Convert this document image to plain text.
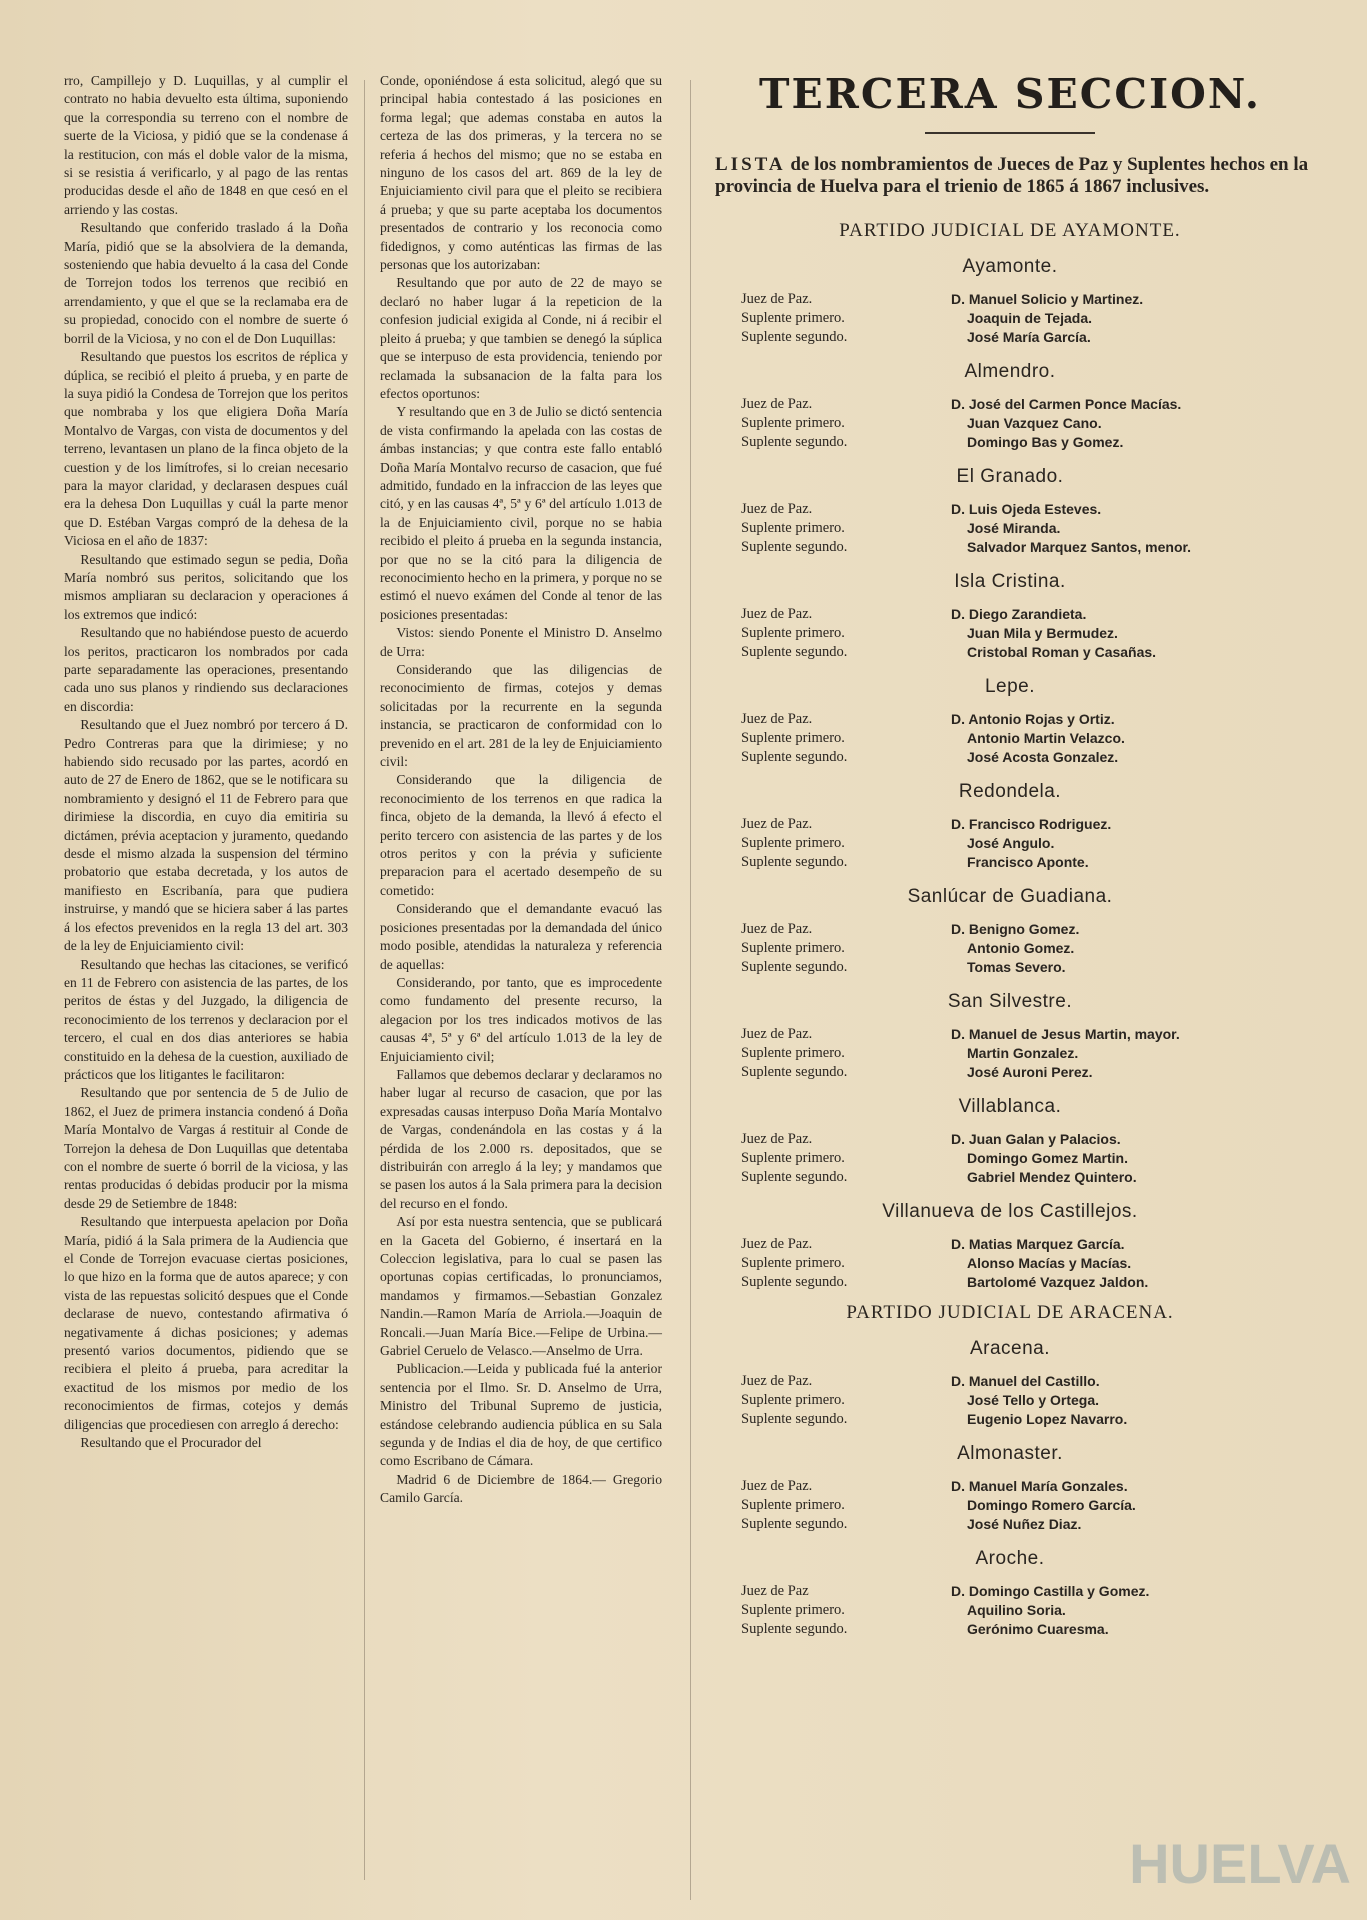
rro, Campillejo y D. Luquillas, y al cumplir el contrato no habia devuelto esta última, suponiendo que la correspondia su terreno con el nombre de suerte de la Viciosa, y pidió que se la condenase á la restitucion, con más el doble valor de la misma, si se resistia á verificarlo, y al pago de las rentas producidas desde el año de 1848 en que cesó en el arriendo y las costas.

Resultando que conferido traslado á la Doña María, pidió que se la absolviera de la demanda, sosteniendo que habia devuelto á la casa del Conde de Torrejon todos los terrenos que recibió en arrendamiento, y que el que se la reclamaba era de su propiedad, conocido con el nombre de suerte ó borril de la Viciosa, y no con el de Don Luquillas:

Resultando que puestos los escritos de réplica y dúplica, se recibió el pleito á prueba, y en parte de la suya pidió la Condesa de Torrejon que los peritos que nombraba y los que eligiera Doña María Montalvo de Vargas, con vista de documentos y del terreno, levantasen un plano de la finca objeto de la cuestion y de los limítrofes, si lo creian necesario para la mayor claridad, y declarasen despues cuál era la dehesa Don Luquillas y cuál la parte menor que D. Estéban Vargas compró de la dehesa de la Viciosa en el año de 1837:

Resultando que estimado segun se pedia, Doña María nombró sus peritos, solicitando que los mismos ampliaran su declaracion y operaciones á los extremos que indicó:

Resultando que no habiéndose puesto de acuerdo los peritos, practicaron los nombrados por cada parte separadamente las operaciones, presentando cada uno sus planos y rindiendo sus declaraciones en discordia:

Resultando que el Juez nombró por tercero á D. Pedro Contreras para que la dirimiese; y no habiendo sido recusado por las partes, acordó en auto de 27 de Enero de 1862, que se le notificara su nombramiento y designó el 11 de Febrero para que dirimiese la discordia, en cuyo dia emitiria su dictámen, prévia aceptacion y juramento, quedando desde el mismo alzada la suspension del término probatorio que estaba decretada, y los autos de manifiesto en Escribanía, para que pudiera instruirse, y mandó que se hiciera saber á las partes á los efectos prevenidos en la regla 13 del art. 303 de la ley de Enjuiciamiento civil:

Resultando que hechas las citaciones, se verificó en 11 de Febrero con asistencia de las partes, de los peritos de éstas y del Juzgado, la diligencia de reconocimiento de los terrenos y declaracion por el tercero, el cual en dos dias anteriores se habia constituido en la dehesa de la cuestion, auxiliado de prácticos que los litigantes le facilitaron:

Resultando que por sentencia de 5 de Julio de 1862, el Juez de primera instancia condenó á Doña María Montalvo de Vargas á restituir al Conde de Torrejon la dehesa de Don Luquillas que detentaba con el nombre de suerte ó borril de la viciosa, y las rentas producidas ó debidas producir por la misma desde 29 de Setiembre de 1848:

Resultando que interpuesta apelacion por Doña María, pidió á la Sala primera de la Audiencia que el Conde de Torrejon evacuase ciertas posiciones, lo que hizo en la forma que de autos aparece; y con vista de las repuestas solicitó despues que el Conde declarase de nuevo, contestando afirmativa ó negativamente á dichas posiciones; y ademas presentó varios documentos, pidiendo que se recibiera el pleito á prueba, para acreditar la exactitud de los mismos por medio de los reconocimientos de firmas, cotejos y demás diligencias que procediesen con arreglo á derecho:

Resultando que el Procurador del

Conde, oponiéndose á esta solicitud, alegó que su principal habia contestado á las posiciones en forma legal; que ademas constaba en autos la certeza de las dos primeras, y la tercera no se referia á hechos del mismo; que no se estaba en ninguno de los casos del art. 869 de la ley de Enjuiciamiento civil para que el pleito se recibiera á prueba; y que su parte aceptaba los documentos presentados de contrario y los reconocia como fidedignos, y como auténticas las firmas de las personas que los autorizaban:

Resultando que por auto de 22 de mayo se declaró no haber lugar á la repeticion de la confesion judicial exigida al Conde, ni á recibir el pleito á prueba; y que tambien se denegó la súplica que se interpuso de esta providencia, teniendo por reclamada la subsanacion de la falta para los efectos oportunos:

Y resultando que en 3 de Julio se dictó sentencia de vista confirmando la apelada con las costas de ámbas instancias; y que contra este fallo entabló Doña María Montalvo recurso de casacion, que fué admitido, fundado en la infraccion de las leyes que citó, y en las causas 4ª, 5ª y 6ª del artículo 1.013 de la de Enjuiciamiento civil, porque no se habia recibido el pleito á prueba en la segunda instancia, por que no se la citó para la diligencia de reconocimiento hecho en la primera, y porque no se estimó el nuevo exámen del Conde al tenor de las posiciones presentadas:

Vistos: siendo Ponente el Ministro D. Anselmo de Urra:

Considerando que las diligencias de reconocimiento de firmas, cotejos y demas solicitadas por la recurrente en la segunda instancia, se practicaron de conformidad con lo prevenido en el art. 281 de la ley de Enjuiciamiento civil:

Considerando que la diligencia de reconocimiento de los terrenos en que radica la finca, objeto de la demanda, la llevó á efecto el perito tercero con asistencia de las partes y de los otros peritos y con la prévia y suficiente preparacion para el acertado desempeño de su cometido:

Considerando que el demandante evacuó las posiciones presentadas por la demandada del único modo posible, atendidas la naturaleza y referencia de aquellas:

Considerando, por tanto, que es improcedente como fundamento del presente recurso, la alegacion por los tres indicados motivos de las causas 4ª, 5ª y 6ª del artículo 1.013 de la ley de Enjuiciamiento civil;

Fallamos que debemos declarar y declaramos no haber lugar al recurso de casacion, que por las expresadas causas interpuso Doña María Montalvo de Vargas, condenándola en las costas y á la pérdida de los 2.000 rs. depositados, que se distribuirán con arreglo á la ley; y mandamos que se pasen los autos á la Sala primera para la decision del recurso en el fondo.

Así por esta nuestra sentencia, que se publicará en la Gaceta del Gobierno, é insertará en la Coleccion legislativa, para lo cual se pasen las oportunas copias certificadas, lo pronunciamos, mandamos y firmamos.—Sebastian Gonzalez Nandin.—Ramon María de Arriola.—Joaquin de Roncali.—Juan María Bice.—Felipe de Urbina.—Gabriel Ceruelo de Velasco.—Anselmo de Urra.

Publicacion.—Leida y publicada fué la anterior sentencia por el Ilmo. Sr. D. Anselmo de Urra, Ministro del Tribunal Supremo de justicia, estándose celebrando audiencia pública en su Sala segunda y de Indias el dia de hoy, de que certifico como Escribano de Cámara.

Madrid 6 de Diciembre de 1864.— Gregorio Camilo García.

TERCERA SECCION.

LISTA de los nombramientos de Jueces de Paz y Suplentes hechos en la provincia de Huelva para el trienio de 1865 á 1867 inclusives.

PARTIDO JUDICIAL DE AYAMONTE.
Ayamonte.
Juez de Paz.
Suplente primero.
Suplente segundo.
D. Manuel Solicio y Martinez.
Joaquin de Tejada.
José María García.
Almendro.
Juez de Paz.
Suplente primero.
Suplente segundo.
D. José del Carmen Ponce Macías.
Juan Vazquez Cano.
Domingo Bas y Gomez.
El Granado.
Juez de Paz.
Suplente primero.
Suplente segundo.
D. Luis Ojeda Esteves.
José Miranda.
Salvador Marquez Santos, menor.
Isla Cristina.
Juez de Paz.
Suplente primero.
Suplente segundo.
D. Diego Zarandieta.
Juan Mila y Bermudez.
Cristobal Roman y Casañas.
Lepe.
Juez de Paz.
Suplente primero.
Suplente segundo.
D. Antonio Rojas y Ortiz.
Antonio Martin Velazco.
José Acosta Gonzalez.
Redondela.
Juez de Paz.
Suplente primero.
Suplente segundo.
D. Francisco Rodriguez.
José Angulo.
Francisco Aponte.
Sanlúcar de Guadiana.
Juez de Paz.
Suplente primero.
Suplente segundo.
D. Benigno Gomez.
Antonio Gomez.
Tomas Severo.
San Silvestre.
Juez de Paz.
Suplente primero.
Suplente segundo.
D. Manuel de Jesus Martin, mayor.
Martin Gonzalez.
José Auroni Perez.
Villablanca.
Juez de Paz.
Suplente primero.
Suplente segundo.
D. Juan Galan y Palacios.
Domingo Gomez Martin.
Gabriel Mendez Quintero.
Villanueva de los Castillejos.
Juez de Paz.
Suplente primero.
Suplente segundo.
D. Matias Marquez García.
Alonso Macías y Macías.
Bartolomé Vazquez Jaldon.
PARTIDO JUDICIAL DE ARACENA.
Aracena.
Juez de Paz.
Suplente primero.
Suplente segundo.
D. Manuel del Castillo.
José Tello y Ortega.
Eugenio Lopez Navarro.
Almonaster.
Juez de Paz.
Suplente primero.
Suplente segundo.
D. Manuel María Gonzales.
Domingo Romero García.
José Nuñez Diaz.
Aroche.
Juez de Paz
Suplente primero.
Suplente segundo.
D. Domingo Castilla y Gomez.
Aquilino Soria.
Gerónimo Cuaresma.
HUELVA
